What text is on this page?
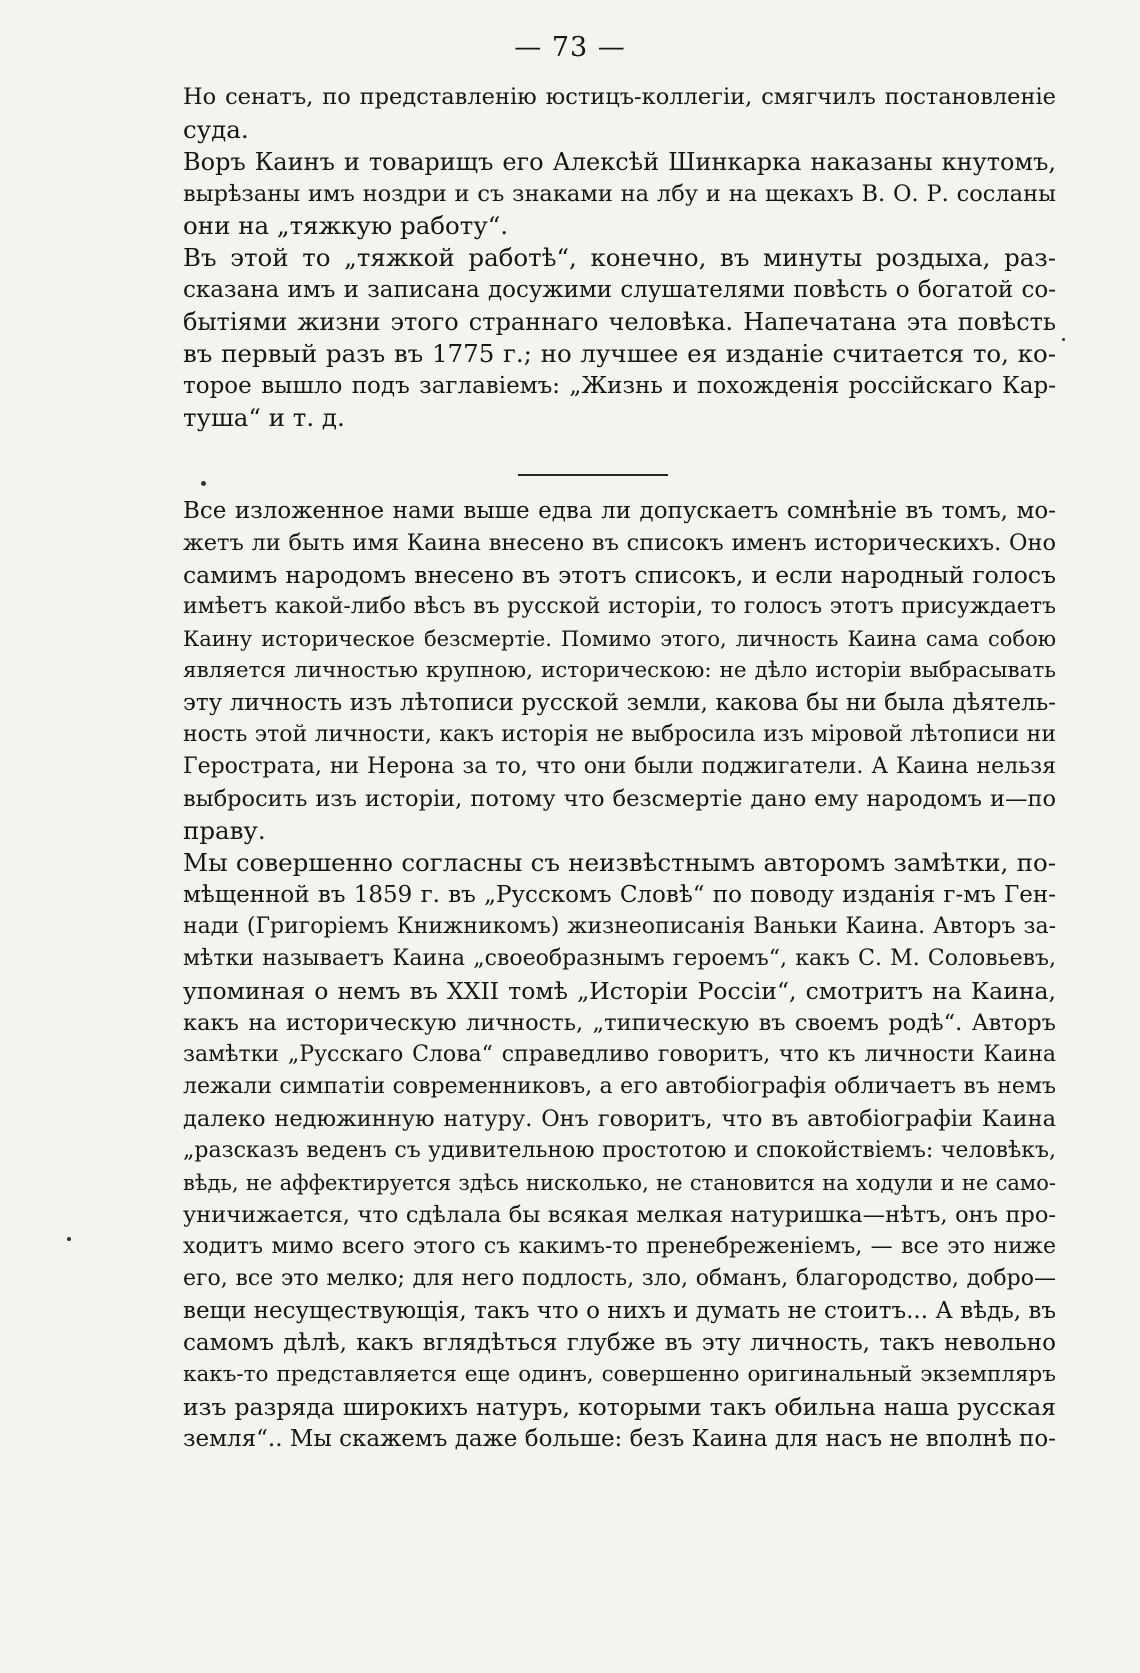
— 73 —
Но сенатъ, по представленію юстицъ-коллегіи, смягчилъ постановленіе
суда.
Воръ Каинъ и товарищъ его Алексѣй Шинкарка наказаны кнутомъ,
вырѣзаны имъ ноздри и съ знаками на лбу и на щекахъ В. О. Р. сосланы
они на „тяжкую работу“.
Въ этой то „тяжкой работѣ“, конечно, въ минуты роздыха, раз-
сказана имъ и записана досужими слушателями повѣсть о богатой со-
бытіями жизни этого страннаго человѣка. Напечатана эта повѣсть
въ первый разъ въ 1775 г.; но лучшее ея изданіе считается то, ко-
торое вышло подъ заглавіемъ: „Жизнь и похожденія россійскаго Кар-
туша“ и т. д.
Все изложенное нами выше едва ли допускаетъ сомнѣніе въ томъ, мо-
жетъ ли быть имя Каина внесено въ списокъ именъ историческихъ. Оно
самимъ народомъ внесено въ этотъ списокъ, и если народный голосъ
имѣетъ какой-либо вѣсъ въ русской исторіи, то голосъ этотъ присуждаетъ
Каину историческое безсмертіе. Помимо этого, личность Каина сама собою
является личностью крупною, историческою: не дѣло исторіи выбрасывать
эту личность изъ лѣтописи русской земли, какова бы ни была дѣятель-
ность этой личности, какъ исторія не выбросила изъ міровой лѣтописи ни
Герострата, ни Нерона за то, что они были поджигатели. А Каина нельзя
выбросить изъ исторіи, потому что безсмертіе дано ему народомъ и—по
праву.
Мы совершенно согласны съ неизвѣстнымъ авторомъ замѣтки, по-
мѣщенной въ 1859 г. въ „Русскомъ Словѣ“ по поводу изданія г-мъ Ген-
нади (Григоріемъ Книжникомъ) жизнеописанія Ваньки Каина. Авторъ за-
мѣтки называетъ Каина „своеобразнымъ героемъ“, какъ С. М. Соловьевъ,
упоминая о немъ въ XXII томѣ „Исторіи Россіи“, смотритъ на Каина,
какъ на историческую личность, „типическую въ своемъ родѣ“. Авторъ
замѣтки „Русскаго Слова“ справедливо говоритъ, что къ личности Каина
лежали симпатіи современниковъ, а его автобіографія обличаетъ въ немъ
далеко недюжинную натуру. Онъ говоритъ, что въ автобіографіи Каина
„разсказъ веденъ съ удивительною простотою и спокойствіемъ: человѣкъ,
вѣдь, не аффектируется здѣсь нисколько, не становится на ходули и не само-
уничижается, что сдѣлала бы всякая мелкая натуришка—нѣтъ, онъ про-
ходитъ мимо всего этого съ какимъ-то пренебреженіемъ, — все это ниже
его, все это мелко; для него подлость, зло, обманъ, благородство, добро—
вещи несуществующія, такъ что о нихъ и думать не стоитъ... А вѣдь, въ
самомъ дѣлѣ, какъ вглядѣться глубже въ эту личность, такъ невольно
какъ-то представляется еще одинъ, совершенно оригинальный экземпляръ
изъ разряда широкихъ натуръ, которыми такъ обильна наша русская
земля“.. Мы скажемъ даже больше: безъ Каина для насъ не вполнѣ по-
